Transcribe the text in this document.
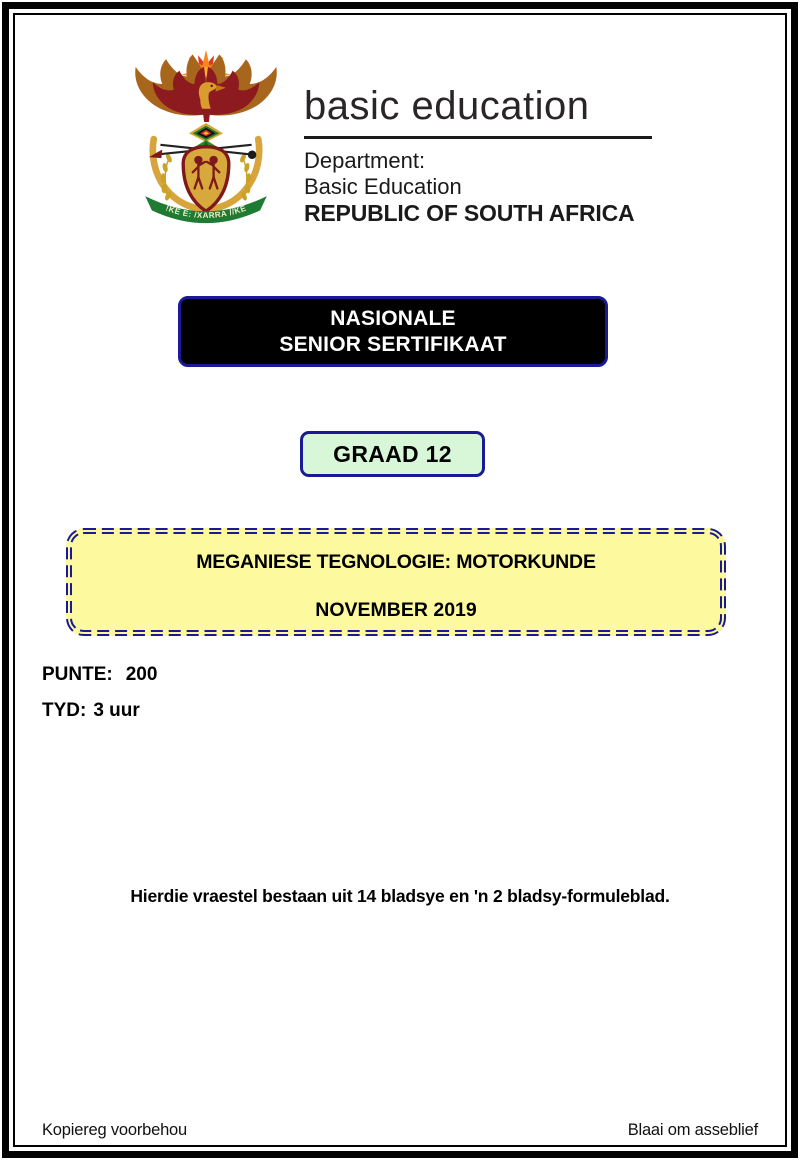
!KE E: /XARRA //KE
basic education
Department:
Basic Education
REPUBLIC OF SOUTH AFRICA
NASIONALE
SENIOR SERTIFIKAAT
GRAAD 12
MEGANIESE TEGNOLOGIE: MOTORKUNDE
NOVEMBER 2019
PUNTE: 200
TYD: 3 uur
Hierdie vraestel bestaan uit 14 bladsye en 'n 2 bladsy-formuleblad.
Kopiereg voorbehou	Blaai om asseblief
